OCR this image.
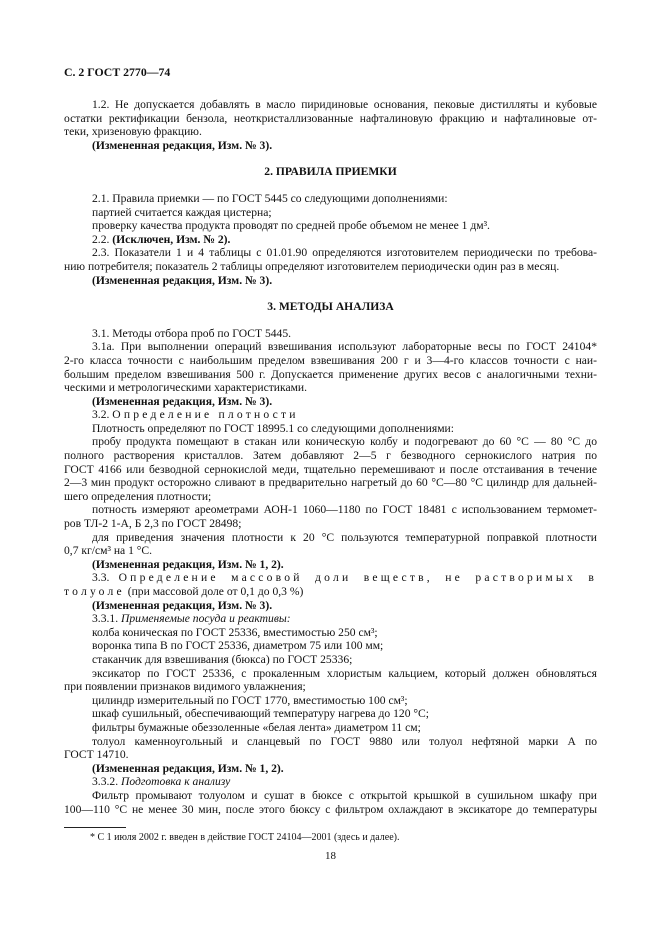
С. 2 ГОСТ 2770—74
1.2. Не допускается добавлять в масло пиридиновые основания, пековые дистилляты и кубовые
остатки ректификации бензола, неоткристаллизованные нафталиновую фракцию и нафталиновые от-
теки, хризеновую фракцию.
(Измененная редакция, Изм. № 3).
2. ПРАВИЛА ПРИЕМКИ
2.1. Правила приемки — по ГОСТ 5445 со следующими дополнениями:
партией считается каждая цистерна;
проверку качества продукта проводят по средней пробе объемом не менее 1 дм³.
2.2. (Исключен, Изм. № 2).
2.3. Показатели 1 и 4 таблицы с 01.01.90 определяются изготовителем периодически по требова-
нию потребителя; показатель 2 таблицы определяют изготовителем периодически один раз в месяц.
(Измененная редакция, Изм. № 3).
3. МЕТОДЫ АНАЛИЗА
3.1. Методы отбора проб по ГОСТ 5445.
3.1а. При выполнении операций взвешивания используют лабораторные весы по ГОСТ 24104*
2-го класса точности с наибольшим пределом взвешивания 200 г и 3—4-го классов точности с наи-
большим пределом взвешивания 500 г. Допускается применение других весов с аналогичными техни-
ческими и метрологическими характеристиками.
(Измененная редакция, Изм. № 3).
3.2. Определение плотности
Плотность определяют по ГОСТ 18995.1 со следующими дополнениями:
пробу продукта помещают в стакан или коническую колбу и подогревают до 60 °С — 80 °С до
полного растворения кристаллов. Затем добавляют 2—5 г безводного сернокислого натрия по
ГОСТ 4166 или безводной сернокислой меди, тщательно перемешивают и после отстаивания в течение
2—3 мин продукт осторожно сливают в предварительно нагретый до 60 °С—80 °С цилиндр для дальней-
шего определения плотности;
потность измеряют ареометрами АОН-1 1060—1180 по ГОСТ 18481 с использованием термомет-
ров ТЛ-2 1-А, Б 2,3 по ГОСТ 28498;
для приведения значения плотности к 20 °С пользуются температурной поправкой плотности
0,7 кг/см³ на 1 °С.
(Измененная редакция, Изм. № 1, 2).
3.3. Определение массовой доли веществ, не растворимых в
толуоле (при массовой доле от 0,1 до 0,3 %)
(Измененная редакция, Изм. № 3).
3.3.1. Применяемые посуда и реактивы:
колба коническая по ГОСТ 25336, вместимостью 250 см³;
воронка типа В по ГОСТ 25336, диаметром 75 или 100 мм;
стаканчик для взвешивания (бюкса) по ГОСТ 25336;
эксикатор по ГОСТ 25336, с прокаленным хлористым кальцием, который должен обновляться
при появлении признаков видимого увлажнения;
цилиндр измерительный по ГОСТ 1770, вместимостью 100 см³;
шкаф сушильный, обеспечивающий температуру нагрева до 120 °С;
фильтры бумажные обеззоленные «белая лента» диаметром 11 см;
толуол каменноугольный и сланцевый по ГОСТ 9880 или толуол нефтяной марки А по
ГОСТ 14710.
(Измененная редакция, Изм. № 1, 2).
3.3.2. Подготовка к анализу
Фильтр промывают толуолом и сушат в бюксе с открытой крышкой в сушильном шкафу при
100—110 °С не менее 30 мин, после этого бюксу с фильтром охлаждают в эксикаторе до температуры
* С 1 июля 2002 г. введен в действие ГОСТ 24104—2001 (здесь и далее).
18
